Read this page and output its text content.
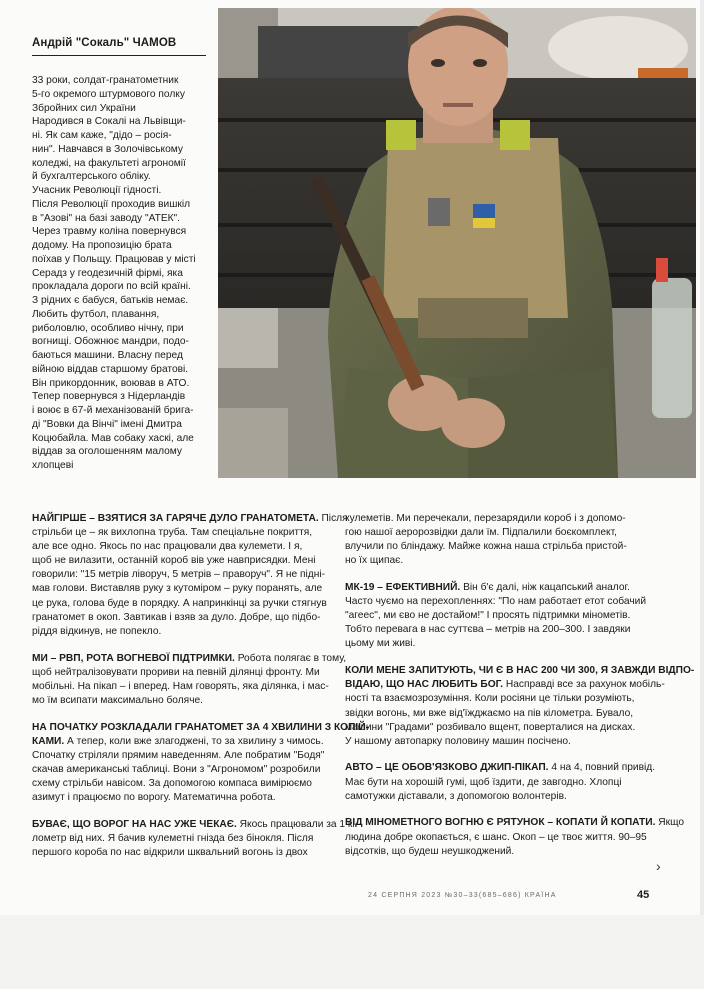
Андрій "Сокаль" ЧАМОВ
33 роки, солдат-гранатометник
5-го окремого штурмового полку
Збройних сил України
Народився в Сокалі на Львівщи-
ні. Як сам каже, "дідо – росія-
нин". Навчався в Золочівському
коледжі, на факультеті агрономії
й бухгалтерського обліку.
Учасник Революції гідності.
Після Революції проходив вишкіл
в "Азові" на базі заводу "АТЕК".
Через травму коліна повернувся
додому. На пропозицію брата
поїхав у Польщу. Працював у місті
Серадз у геодезичній фірмі, яка
прокладала дороги по всій країні.
З рідних є бабуся, батьків немає.
Любить футбол, плавання,
риболовлю, особливо нічну, при
вогнищі. Обожнює мандри, подо-
баються машини. Власну перед
війною віддав старшому братові.
Він прикордонник, воював в АТО.
Тепер повернувся з Нідерландів
і воює в 67-й механізованій брига-
ді "Вовки да Вінчі" імені Дмитра
Коцюбайла. Мав собаку хаскі, але
віддав за оголошенням малому
хлопцеві
НАЙГІРШЕ – ВЗЯТИСЯ ЗА ГАРЯЧЕ ДУЛО ГРАНАТОМЕТА. Після
стрільби це – як вихлопна труба. Там спеціальне покриття,
але все одно. Якось по нас працювали два кулемети. І я,
щоб не вилазити, останній короб вів уже навприсядки. Мені
говорили: "15 метрів ліворуч, 5 метрів – праворуч". Я не підні-
мав голови. Виставляв руку з кутоміром – руку поранять, але
це рука, голова буде в порядку. А напринкінці за ручки стягнув
гранатомет в окоп. Завтикав і взяв за дуло. Добре, що підбо-
ріддя відкинув, не попекло.
МИ – РВП, РОТА ВОГНЕВОЇ ПІДТРИМКИ. Робота полягає в тому,
щоб нейтралізовувати прориви на певній ділянці фронту. Ми
мобільні. На пікап – і вперед. Нам говорять, яка ділянка, і мас-
мо їм всипати максимально боляче.
НА ПОЧАТКУ РОЗКЛАДАЛИ ГРАНАТОМЕТ ЗА 4 ХВИЛИНИ З КОПІЙ-
КАМИ. А тепер, коли вже злагоджені, то за хвилину з чимось.
Спочатку стріляли прямим наведенням. Але побратим "Бодя"
скачав американські таблиці. Вони з "Агрономом" розробили
схему стрільби навісом. За допомогою компаса вимірюємо
азимут і працюємо по ворогу. Математична робота.
БУВАЄ, ЩО ВОРОГ НА НАС УЖЕ ЧЕКАЄ. Якось працювали за 1 кі-
лометр від них. Я бачив кулеметні гнізда без бінокля. Після
першого короба по нас відкрили шквальний вогонь із двох
кулеметів. Ми перечекали, перезарядили короб і з допомо-
гою нашої аеророзвідки дали їм. Підпалили боєкомплект,
влучили по бліндажу. Майже кожна наша стрільба пристой-
но їх щипає.
МК-19 – ЕФЕКТИВНИЙ. Він б'є далі, ніж кацапський аналог.
Часто чуємо на перехопленнях: "По нам работает етот собачий
"агеес", ми єво не достайом!" І просять підтримки мінометів.
Тобто перевага в нас суттєва – метрів на 200–300. І завдяки
цьому ми живі.
КОЛИ МЕНЕ ЗАПИТУЮТЬ, ЧИ Є В НАС 200 ЧИ 300, Я ЗАВЖДИ ВІДПО-
ВІДАЮ, ЩО НАС ЛЮБИТЬ БОГ. Насправді все за рахунок мобіль-
ності та взаємозрозуміння. Коли росіяни це тільки розуміють,
звідки вогонь, ми вже від'їжджаємо на пів кілометра. Бувало,
машини "Градами" розбивало вщент, поверталися на дисках.
У нашому автопарку половину машин посічено.
АВТО – ЦЕ ОБОВ'ЯЗКОВО ДЖИП-ПІКАП. 4 на 4, повний привід.
Має бути на хорошій гумі, щоб їздити, де завгодно. Хлопці
самотужки діставали, з допомогою волонтерів.
ВІД МІНОМЕТНОГО ВОГНЮ Є РЯТУНОК – КОПАТИ Й КОПАТИ. Якщо
людина добре окопається, є шанс. Окоп – це твоє життя. 90–95
відсотків, що будеш неушкоджений.
24 СЕРПНЯ 2023 №30–33(685–686) КРАЇНА	45
›
